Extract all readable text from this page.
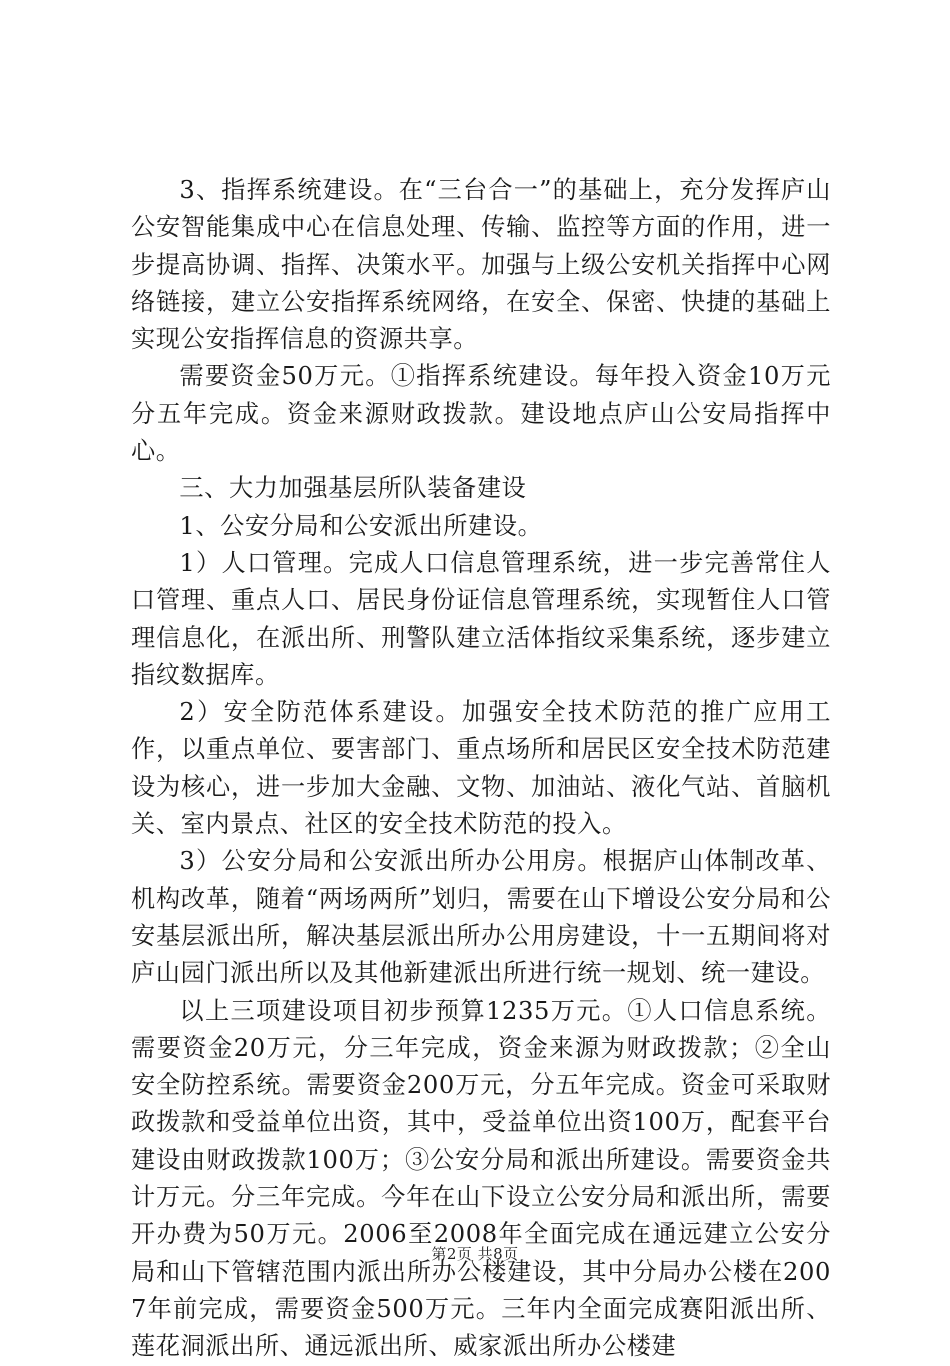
3、指挥系统建设。在“三台合一”的基础上，充分发挥庐山公安智能集成中心在信息处理、传输、监控等方面的作用，进一步提高协调、指挥、决策水平。加强与上级公安机关指挥中心网络链接，建立公安指挥系统网络，在安全、保密、快捷的基础上实现公安指挥信息的资源共享。

需要资金50万元。①指挥系统建设。每年投入资金10万元分五年完成。资金来源财政拨款。建设地点庐山公安局指挥中心。

三、大力加强基层所队装备建设

1、公安分局和公安派出所建设。

1）人口管理。完成人口信息管理系统，进一步完善常住人口管理、重点人口、居民身份证信息管理系统，实现暂住人口管理信息化，在派出所、刑警队建立活体指纹采集系统，逐步建立指纹数据库。

2）安全防范体系建设。加强安全技术防范的推广应用工作，以重点单位、要害部门、重点场所和居民区安全技术防范建设为核心，进一步加大金融、文物、加油站、液化气站、首脑机关、室内景点、社区的安全技术防范的投入。

3）公安分局和公安派出所办公用房。根据庐山体制改革、机构改革，随着“两场两所”划归，需要在山下增设公安分局和公安基层派出所，解决基层派出所办公用房建设，十一五期间将对庐山园门派出所以及其他新建派出所进行统一规划、统一建设。

以上三项建设项目初步预算1235万元。①人口信息系统。需要资金20万元，分三年完成，资金来源为财政拨款；②全山安全防控系统。需要资金200万元，分五年完成。资金可采取财政拨款和受益单位出资，其中，受益单位出资100万，配套平台建设由财政拨款100万；③公安分局和派出所建设。需要资金共计万元。分三年完成。今年在山下设立公安分局和派出所，需要开办费为50万元。2006至2008年全面完成在通远建立公安分局和山下管辖范围内派出所办公楼建设，其中分局办公楼在2007年前完成，需要资金500万元。三年内全面完成赛阳派出所、莲花洞派出所、通远派出所、威家派出所办公楼建

第2页 共8页
